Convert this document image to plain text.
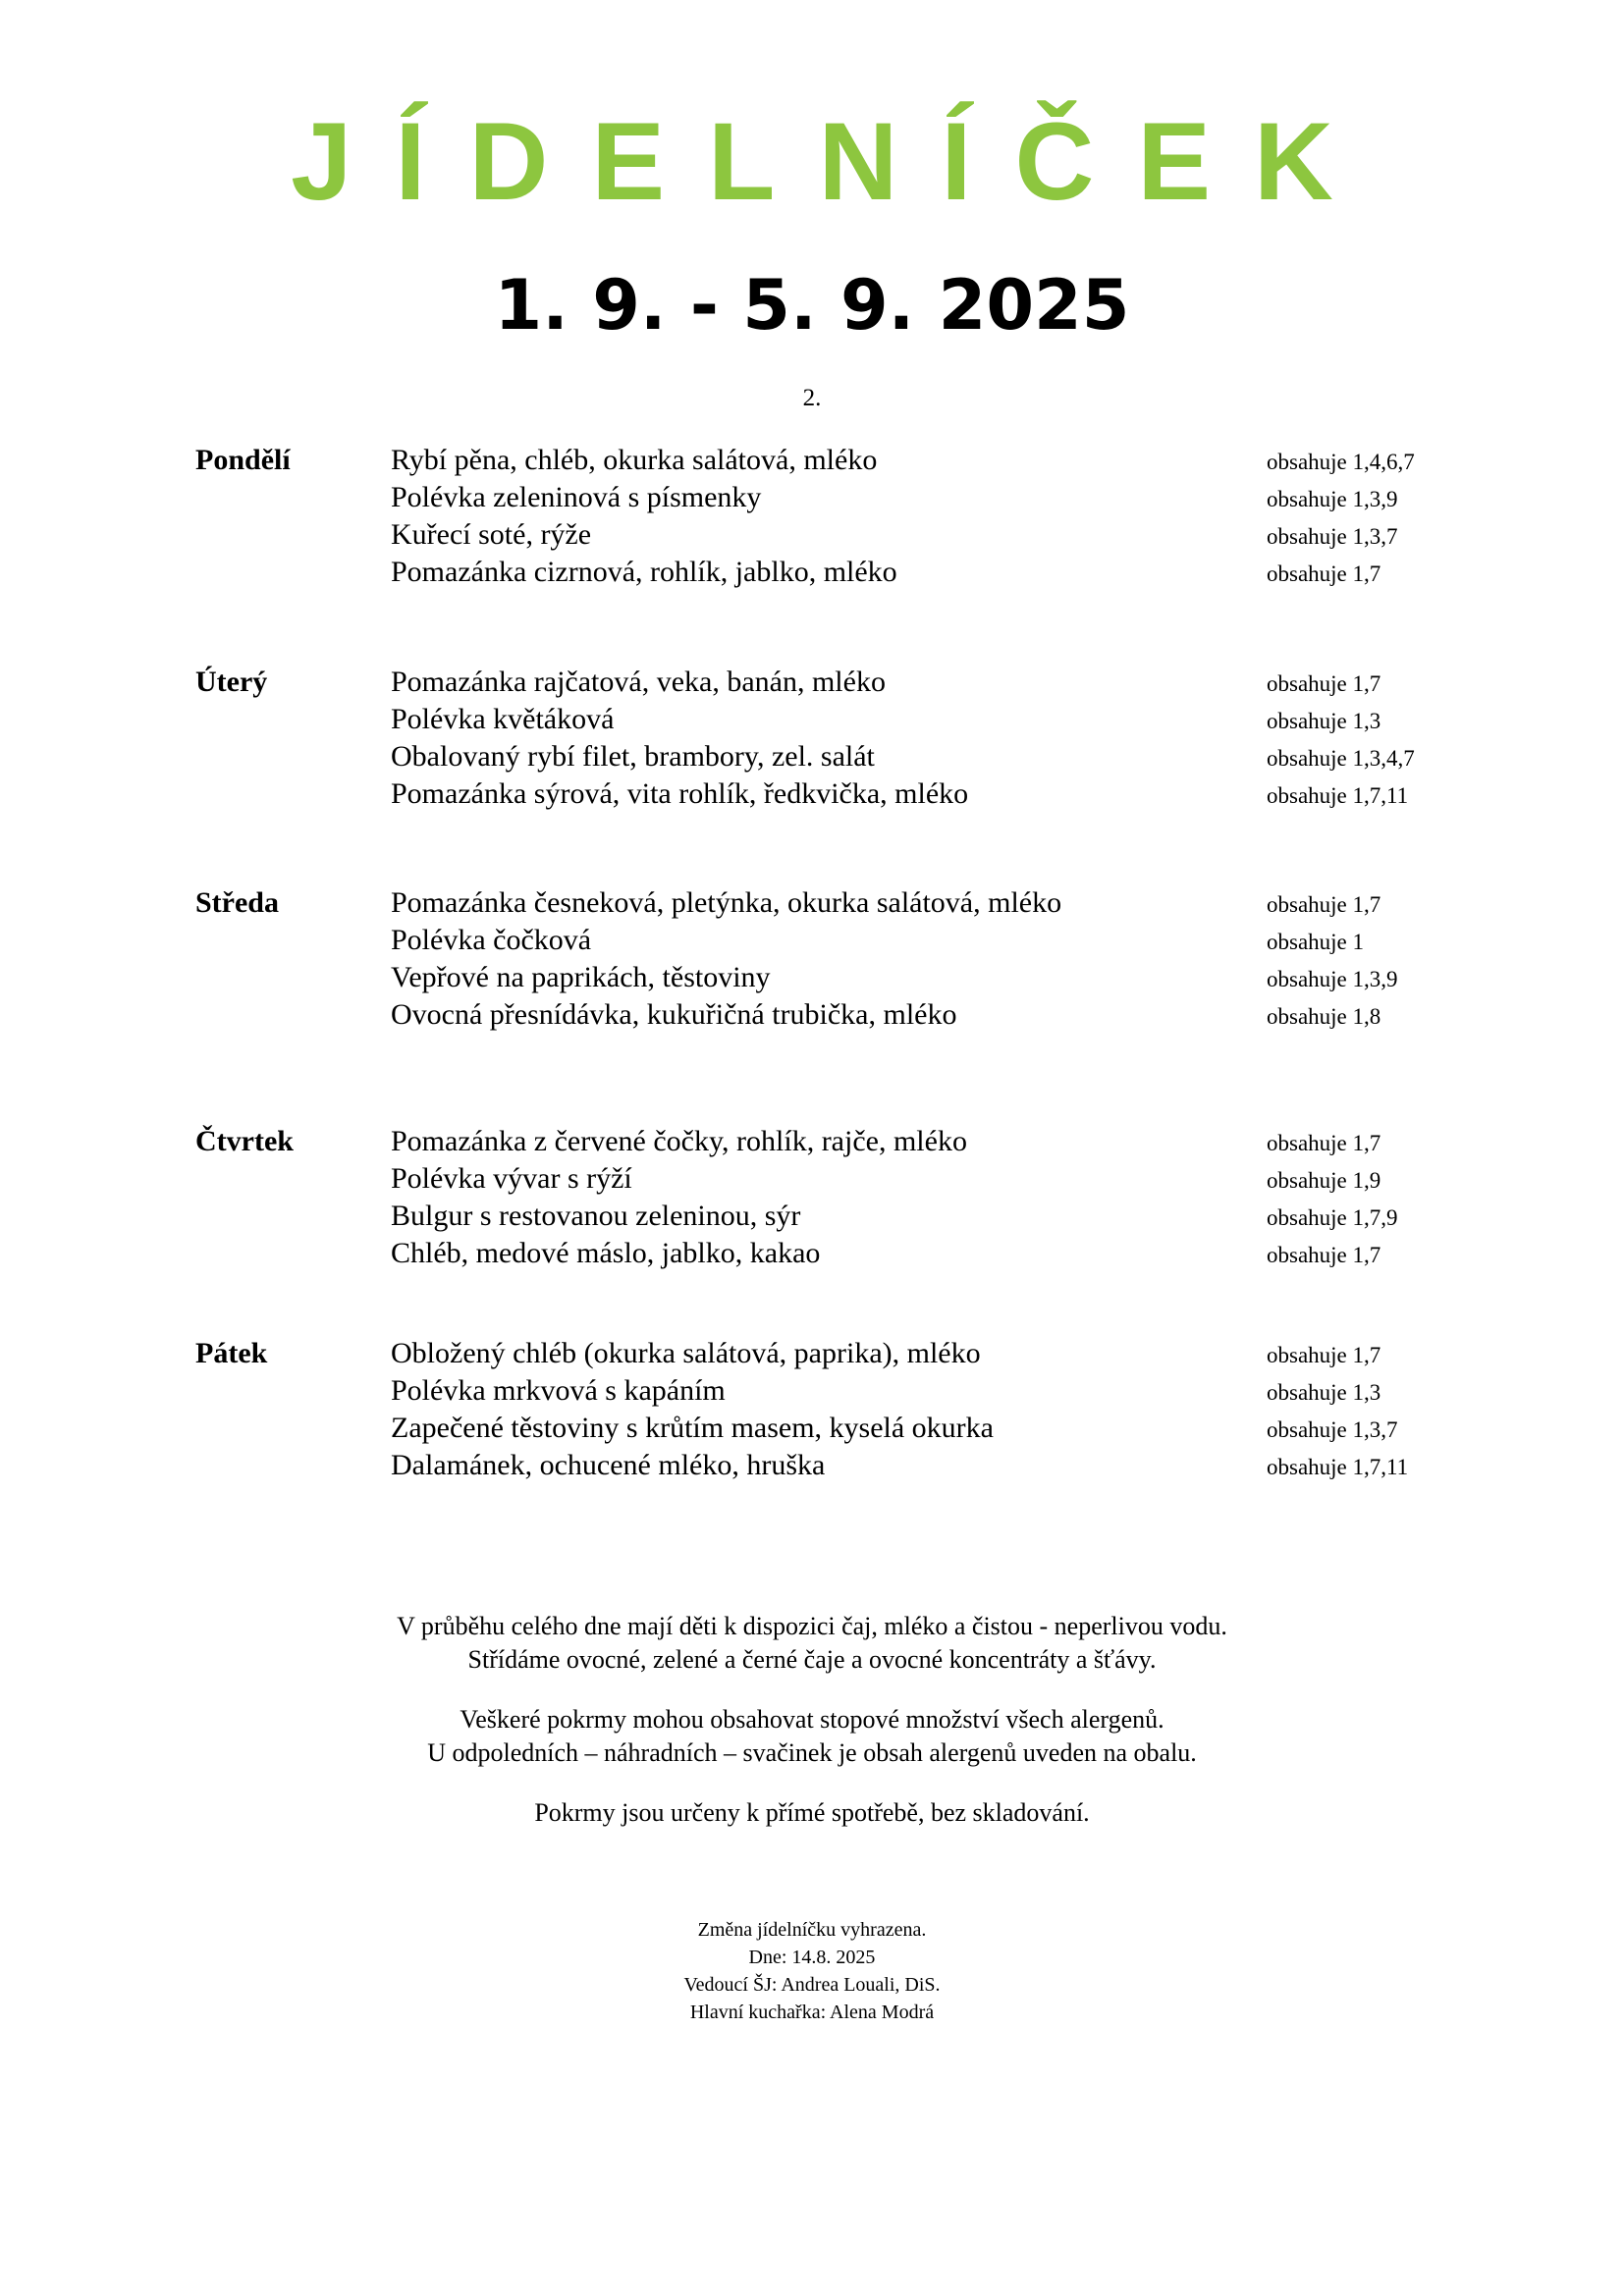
JÍDELNÍČEK
1. 9. - 5. 9. 2025
2.
Pondělí	Rybí pěna, chléb, okurka salátová, mléko	obsahuje 1,4,6,7
Polévka zeleninová s písmenky	obsahuje 1,3,9
Kuřecí soté, rýže	obsahuje 1,3,7
Pomazánka cizrnová, rohlík, jablko, mléko	obsahuje 1,7
Úterý	Pomazánka rajčatová, veka, banán, mléko	obsahuje 1,7
Polévka květáková	obsahuje 1,3
Obalovaný rybí filet, brambory, zel. salát	obsahuje 1,3,4,7
Pomazánka sýrová, vita rohlík, ředkvička, mléko	obsahuje 1,7,11
Středa	Pomazánka česneková, pletýnka, okurka salátová, mléko	obsahuje 1,7
Polévka čočková	obsahuje 1
Vepřové na paprikách, těstoviny	obsahuje 1,3,9
Ovocná přesnídávka, kukuřičná trubička, mléko	obsahuje 1,8
Čtvrtek	Pomazánka z červené čočky, rohlík, rajče, mléko	obsahuje 1,7
Polévka vývar s rýží	obsahuje 1,9
Bulgur s restovanou zeleninou, sýr	obsahuje 1,7,9
Chléb, medové máslo, jablko, kakao	obsahuje 1,7
Pátek	Obložený chléb (okurka salátová, paprika), mléko	obsahuje 1,7
Polévka mrkvová s kapáním	obsahuje 1,3
Zapečené těstoviny s krůtím masem, kyselá okurka	obsahuje 1,3,7
Dalamánek, ochucené mléko, hruška	obsahuje 1,7,11

V průběhu celého dne mají děti k dispozici čaj, mléko a čistou - neperlivou vodu.

Střídáme ovocné, zelené a černé čaje a ovocné koncentráty a šťávy.

Veškeré pokrmy mohou obsahovat stopové množství všech alergenů.

U odpoledních – náhradních – svačinek je obsah alergenů uveden na obalu.

Pokrmy jsou určeny k přímé spotřebě, bez skladování.

Změna jídelníčku vyhrazena.

Dne: 14.8. 2025

Vedoucí ŠJ: Andrea Louali, DiS.

Hlavní kuchařka: Alena Modrá
